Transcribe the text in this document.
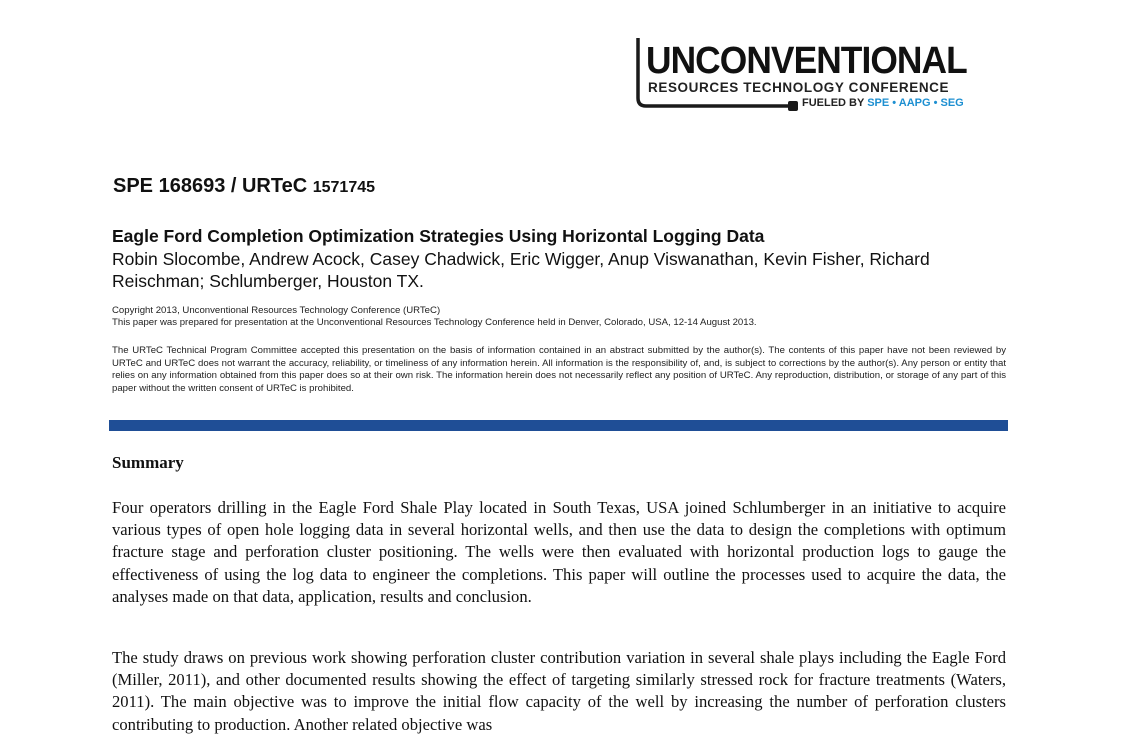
UNCONVENTIONAL
RESOURCES TECHNOLOGY CONFERENCE
FUELED BY SPE • AAPG • SEG
SPE 168693 / URTeC 1571745
Eagle Ford Completion Optimization Strategies Using Horizontal Logging Data
Robin Slocombe, Andrew Acock, Casey Chadwick, Eric Wigger, Anup Viswanathan, Kevin Fisher, Richard Reischman; Schlumberger, Houston TX.
Copyright 2013, Unconventional Resources Technology Conference (URTeC)
This paper was prepared for presentation at the Unconventional Resources Technology Conference held in Denver, Colorado, USA, 12-14 August 2013.
The URTeC Technical Program Committee accepted this presentation on the basis of information contained in an abstract submitted by the author(s). The contents of this paper have not been reviewed by URTeC and URTeC does not warrant the accuracy, reliability, or timeliness of any information herein. All information is the responsibility of, and, is subject to corrections by the author(s). Any person or entity that relies on any information obtained from this paper does so at their own risk. The information herein does not necessarily reflect any position of URTeC. Any reproduction, distribution, or storage of any part of this paper without the written consent of URTeC is prohibited.
Summary

Four operators drilling in the Eagle Ford Shale Play located in South Texas, USA joined Schlumberger in an initiative to acquire various types of open hole logging data in several horizontal wells, and then use the data to design the completions with optimum fracture stage and perforation cluster positioning. The wells were then evaluated with horizontal production logs to gauge the effectiveness of using the log data to engineer the completions. This paper will outline the processes used to acquire the data, the analyses made on that data, application, results and conclusion.

The study draws on previous work showing perforation cluster contribution variation in several shale plays including the Eagle Ford (Miller, 2011), and other documented results showing the effect of targeting similarly stressed rock for fracture treatments (Waters, 2011). The main objective was to improve the initial flow capacity of the well by increasing the number of perforation clusters contributing to production. Another related objective was
